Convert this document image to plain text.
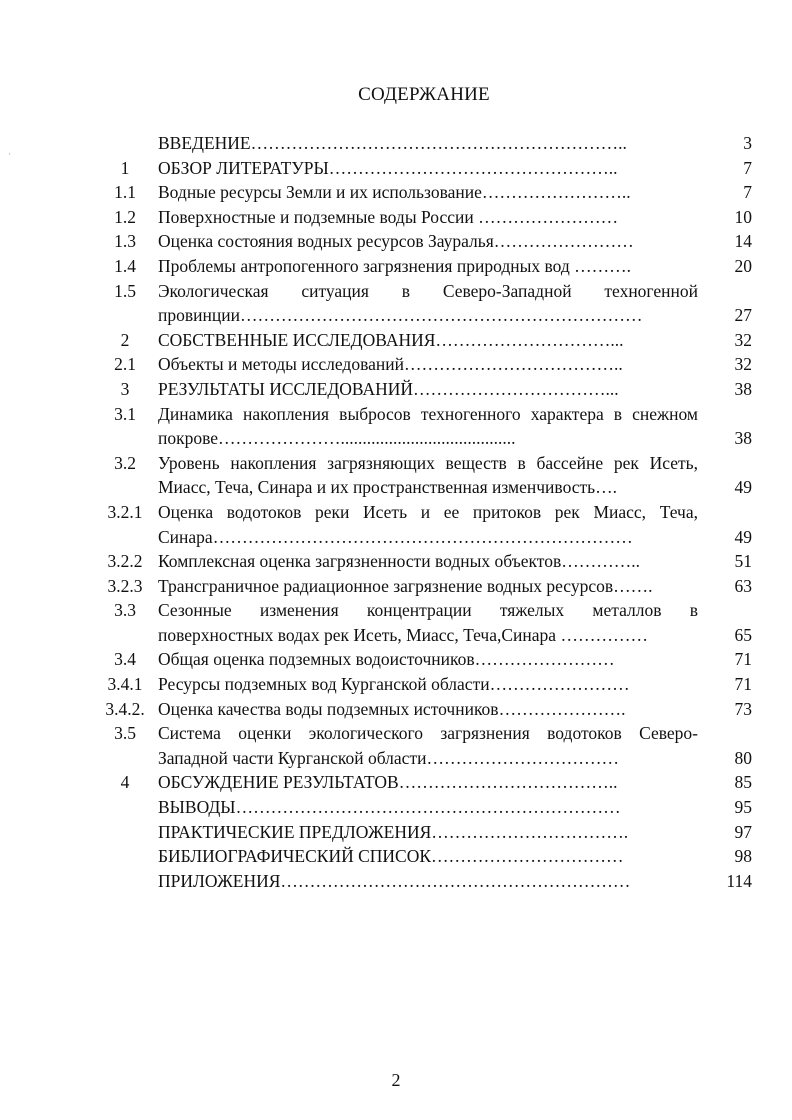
·
СОДЕРЖАНИЕ
ВВЕДЕНИЕ………………………………………………………..	3
1	ОБЗОР ЛИТЕРАТУРЫ…………………………………………..	7
1.1	Водные ресурсы Земли и их использование……………………..	7
1.2	Поверхностные и подземные воды России ……………………	10
1.3	Оценка состояния водных ресурсов Зауралья……………………	14
1.4	Проблемы антропогенного загрязнения природных вод ……….	20
1.5	Экологическая ситуация в Северо-Западной техногенной провинции……………………………………………………………	27
2	СОБСТВЕННЫЕ ИССЛЕДОВАНИЯ…………………………...	32
2.1	Объекты и методы исследований………………………………..	32
3	РЕЗУЛЬТАТЫ ИССЛЕДОВАНИЙ……………………………...	38
3.1	Динамика накопления выбросов техногенного характера в снежном покрове…………………........................................	38
3.2	Уровень накопления загрязняющих веществ в бассейне рек Исеть, Миасс, Теча, Синара и их пространственная изменчивость….	49
3.2.1 Оценка водотоков реки Исеть и ее притоков рек Миасс, Теча, Синара………………………………………………………………	49
3.2.2 Комплексная оценка загрязненности водных объектов…………..	51
3.2.3 Трансграничное радиационное загрязнение водных ресурсов…….	63
3.3	Сезонные изменения концентрации тяжелых металлов в поверхностных водах рек Исеть, Миасс, Теча,Синара ……………	65
3.4	Общая оценка подземных водоисточников……………………	71
3.4.1 Ресурсы подземных вод Курганской области……………………	71
3.4.2. Оценка качества воды подземных источников………………….	73
3.5	Система оценки экологического загрязнения водотоков Северо-Западной части Курганской области……………………………	80
4	ОБСУЖДЕНИЕ РЕЗУЛЬТАТОВ………………………………..	85
ВЫВОДЫ…………………………………………………………	95
ПРАКТИЧЕСКИЕ ПРЕДЛОЖЕНИЯ…………………………….	97
БИБЛИОГРАФИЧЕСКИЙ СПИСОК……………………………	98
ПРИЛОЖЕНИЯ……………………………………………………	114
2
